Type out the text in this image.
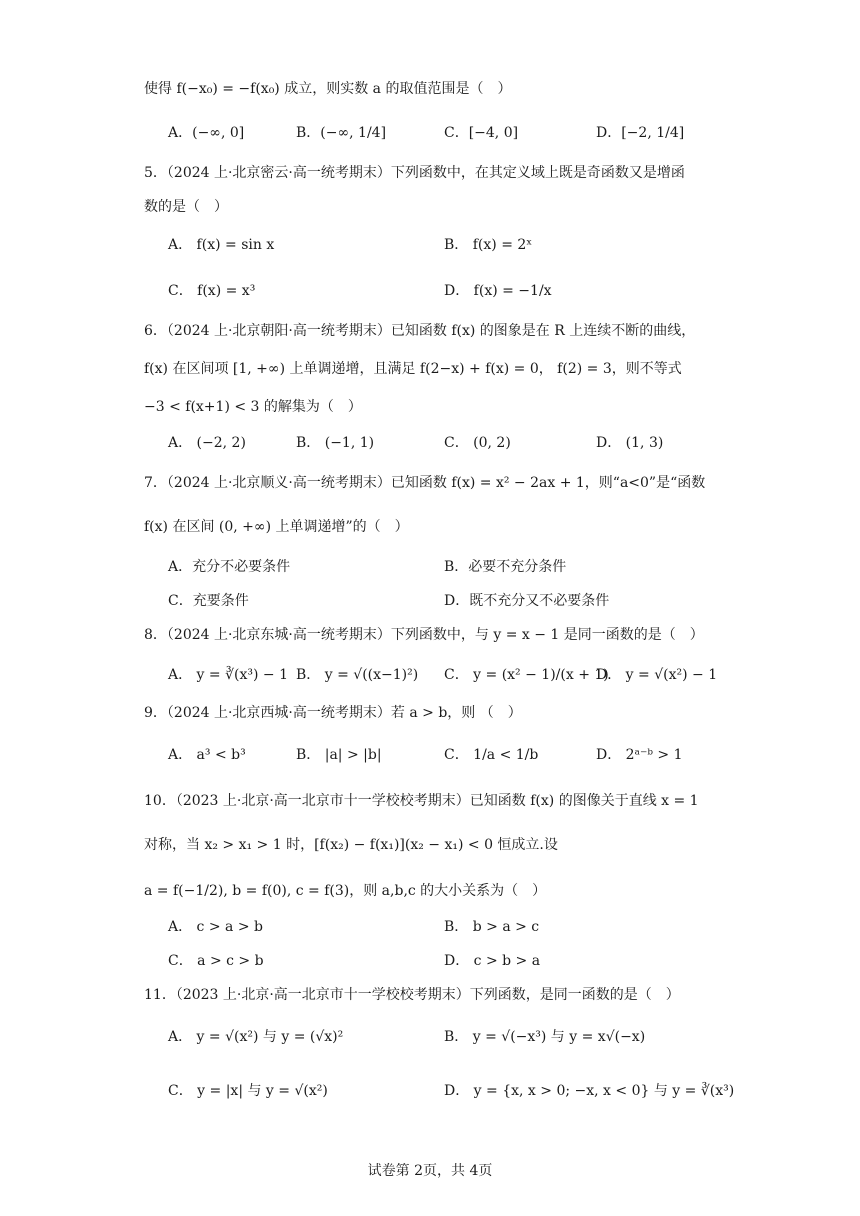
使得 f(−x₀) = −f(x₀) 成立，则实数 a 的取值范围是（　）
A．(−∞, 0]	B．(−∞, 1/4]	C．[−4, 0]	D．[−2, 1/4]
5．（2024 上·北京密云·高一统考期末）下列函数中，在其定义域上既是奇函数又是增函
数的是（　）
A． f(x) = sin x	B． f(x) = 2ˣ
C． f(x) = x³	D． f(x) = −1/x
6．（2024 上·北京朝阳·高一统考期末）已知函数 f(x) 的图象是在 R 上连续不断的曲线，
f(x) 在区间项 [1, +∞) 上单调递增，且满足 f(2−x) + f(x) = 0， f(2) = 3，则不等式
−3 < f(x+1) < 3 的解集为（　）
A． (−2, 2)	B． (−1, 1)	C． (0, 2)	D． (1, 3)
7．（2024 上·北京顺义·高一统考期末）已知函数 f(x) = x² − 2ax + 1，则“a<0”是“函数
f(x) 在区间 (0, +∞) 上单调递增”的（　）
A．充分不必要条件	B．必要不充分条件
C．充要条件	D．既不充分又不必要条件
8．（2024 上·北京东城·高一统考期末）下列函数中，与 y = x − 1 是同一函数的是（　）
A． y = ∛(x³) − 1 B． y = √((x−1)²) C． y = (x² − 1)/(x + 1)
D． y = √(x²) − 1
9．（2024 上·北京西城·高一统考期末）若 a > b，则 （　）
A． a³ < b³	B． |a| > |b|	C． 1/a < 1/b	D． 2ᵃ⁻ᵇ > 1
10．（2023 上·北京·高一北京市十一学校校考期末）已知函数 f(x) 的图像关于直线 x = 1
对称，当 x₂ > x₁ > 1 时，[f(x₂) − f(x₁)](x₂ − x₁) < 0 恒成立.设
a = f(−1/2), b = f(0), c = f(3)，则 a,b,c 的大小关系为（　）
A． c > a > b	B． b > a > c
C． a > c > b	D． c > b > a
11．（2023 上·北京·高一北京市十一学校校考期末）下列函数，是同一函数的是（　）
A． y = √(x²) 与 y = (√x)²	B． y = √(−x³) 与 y = x√(−x)
C． y = |x| 与 y = √(x²)	D． y = {x, x > 0; −x, x < 0} 与 y = ∛(x³)
试卷第 2页，共 4页
